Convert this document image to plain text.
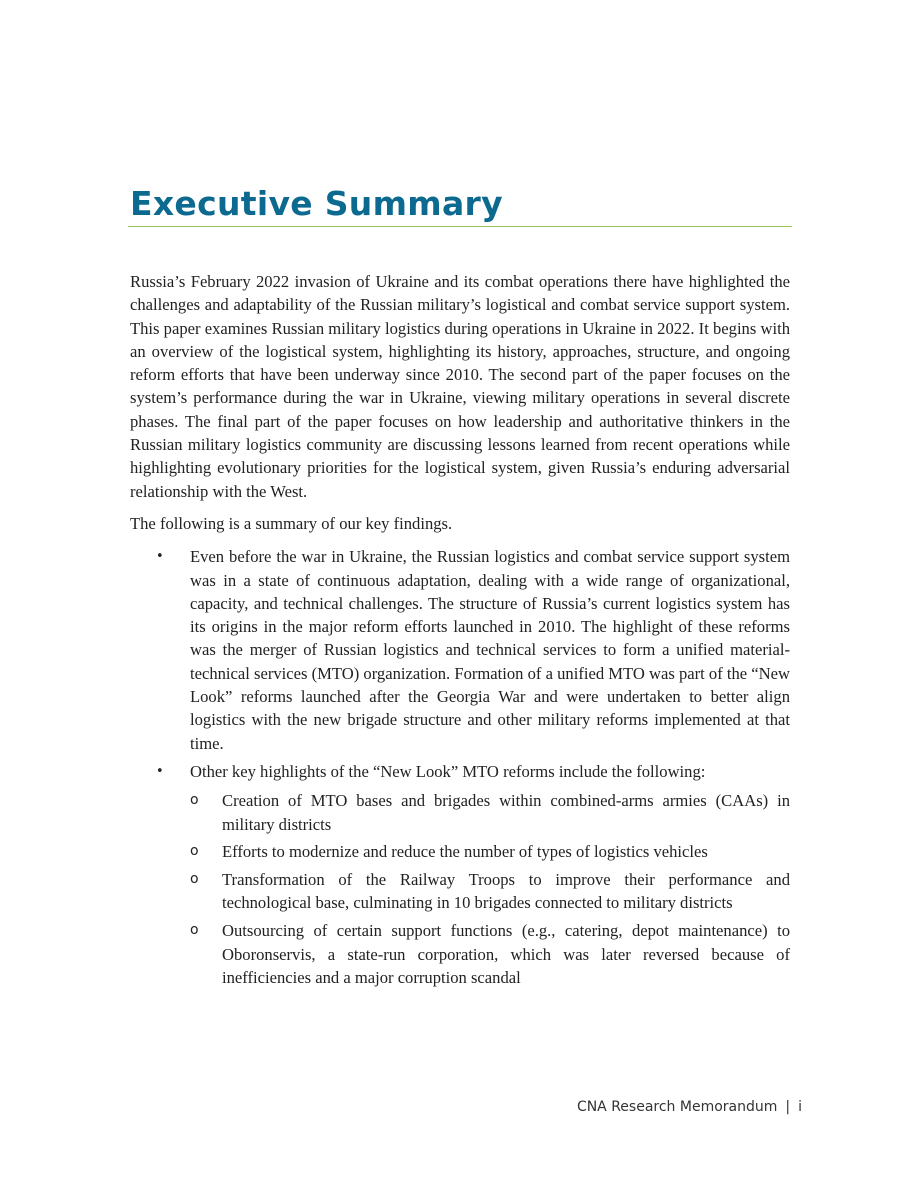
Executive Summary

Russia’s February 2022 invasion of Ukraine and its combat operations there have highlighted the challenges and adaptability of the Russian military’s logistical and combat service support system. This paper examines Russian military logistics during operations in Ukraine in 2022. It begins with an overview of the logistical system, highlighting its history, approaches, structure, and ongoing reform efforts that have been underway since 2010. The second part of the paper focuses on the system’s performance during the war in Ukraine, viewing military operations in several discrete phases. The final part of the paper focuses on how leadership and authoritative thinkers in the Russian military logistics community are discussing lessons learned from recent operations while highlighting evolutionary priorities for the logistical system, given Russia’s enduring adversarial relationship with the West.

The following is a summary of our key findings.

• Even before the war in Ukraine, the Russian logistics and combat service support system was in a state of continuous adaptation, dealing with a wide range of organizational, capacity, and technical challenges. The structure of Russia’s current logistics system has its origins in the major reform efforts launched in 2010. The highlight of these reforms was the merger of Russian logistics and technical services to form a unified material-technical services (MTO) organization. Formation of a unified MTO was part of the “New Look” reforms launched after the Georgia War and were undertaken to better align logistics with the new brigade structure and other military reforms implemented at that time.
• Other key highlights of the “New Look” MTO reforms include the following:
o Creation of MTO bases and brigades within combined-arms armies (CAAs) in military districts
o Efforts to modernize and reduce the number of types of logistics vehicles
o Transformation of the Railway Troops to improve their performance and technological base, culminating in 10 brigades connected to military districts
o Outsourcing of certain support functions (e.g., catering, depot maintenance) to Oboronservis, a state-run corporation, which was later reversed because of inefficiencies and a major corruption scandal
CNA Research Memorandum | i
